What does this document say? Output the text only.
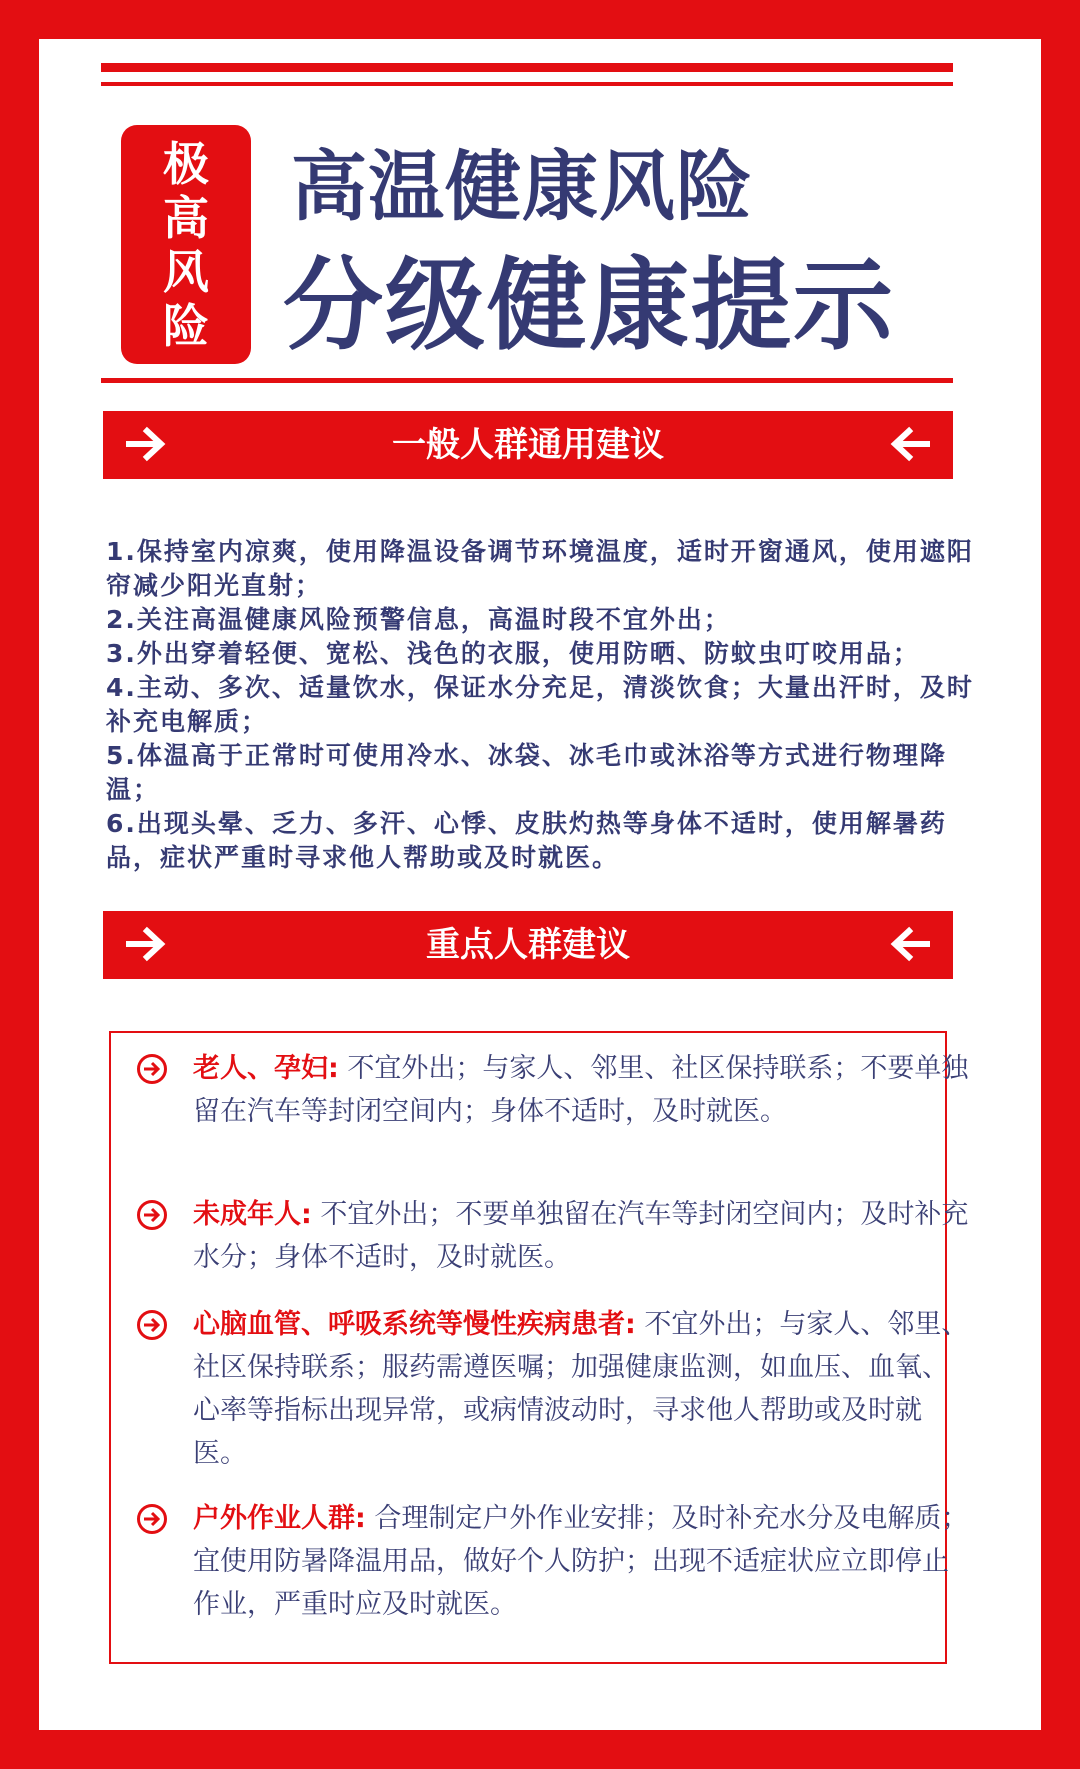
极高风险
高温健康风险
分级健康提示
一般人群通用建议
1.保持室内凉爽，使用降温设备调节环境温度，适时开窗通风，使用遮阳帘减少阳光直射；
2.关注高温健康风险预警信息，高温时段不宜外出；
3.外出穿着轻便、宽松、浅色的衣服，使用防晒、防蚊虫叮咬用品；
4.主动、多次、适量饮水，保证水分充足，清淡饮食；大量出汗时，及时补充电解质；
5.体温高于正常时可使用冷水、冰袋、冰毛巾或沐浴等方式进行物理降温；
6.出现头晕、乏力、多汗、心悸、皮肤灼热等身体不适时，使用解暑药品，症状严重时寻求他人帮助或及时就医。
重点人群建议
老人、孕妇: 不宜外出；与家人、邻里、社区保持联系；不要单独留在汽车等封闭空间内；身体不适时，及时就医。
未成年人: 不宜外出；不要单独留在汽车等封闭空间内；及时补充水分；身体不适时，及时就医。
心脑血管、呼吸系统等慢性疾病患者: 不宜外出；与家人、邻里、社区保持联系；服药需遵医嘱；加强健康监测，如血压、血氧、心率等指标出现异常，或病情波动时，寻求他人帮助或及时就医。
户外作业人群: 合理制定户外作业安排；及时补充水分及电解质；宜使用防暑降温用品，做好个人防护；出现不适症状应立即停止作业，严重时应及时就医。
